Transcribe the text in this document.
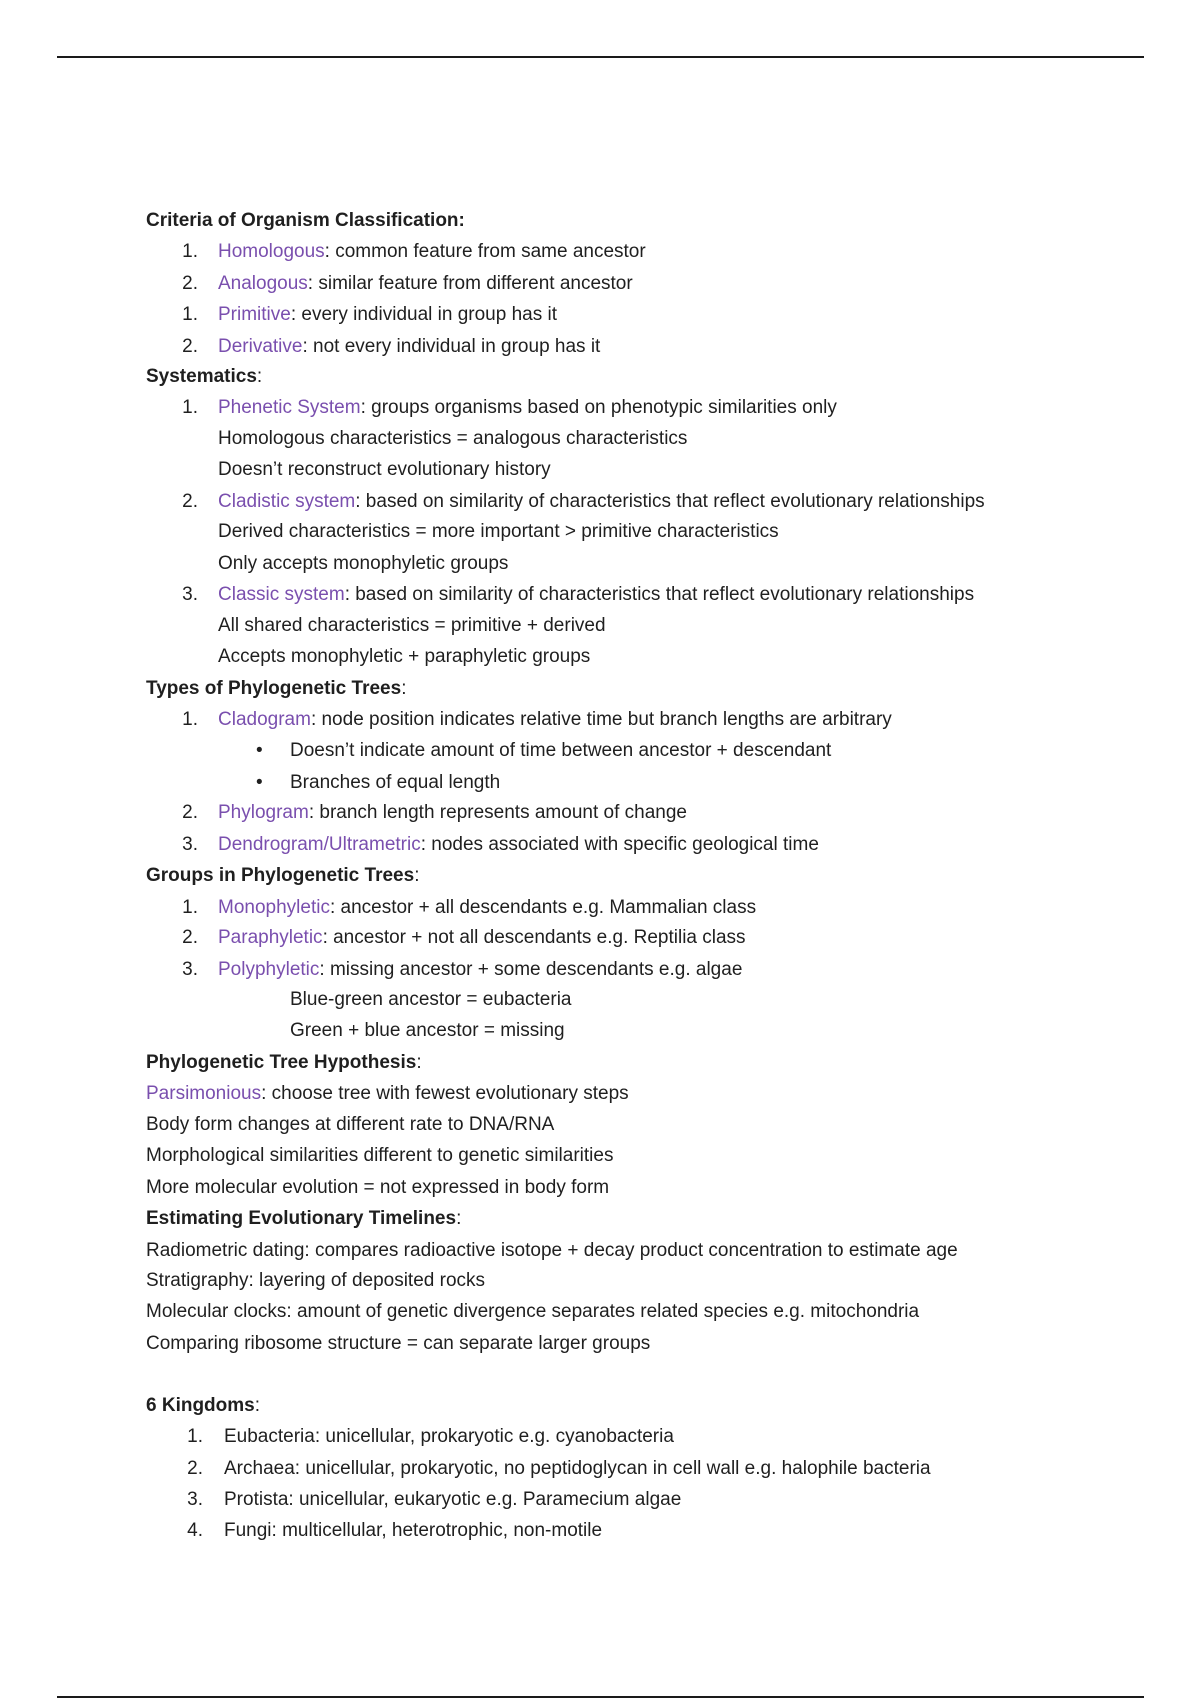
Criteria of Organism Classification:
1. Homologous: common feature from same ancestor
2. Analogous: similar feature from different ancestor
1. Primitive: every individual in group has it
2. Derivative: not every individual in group has it
Systematics:
1. Phenetic System: groups organisms based on phenotypic similarities only
Homologous characteristics = analogous characteristics
Doesn’t reconstruct evolutionary history
2. Cladistic system: based on similarity of characteristics that reflect evolutionary relationships
Derived characteristics = more important > primitive characteristics
Only accepts monophyletic groups
3. Classic system: based on similarity of characteristics that reflect evolutionary relationships
All shared characteristics = primitive + derived
Accepts monophyletic + paraphyletic groups
Types of Phylogenetic Trees:
1. Cladogram: node position indicates relative time but branch lengths are arbitrary
• Doesn’t indicate amount of time between ancestor + descendant
• Branches of equal length
2. Phylogram: branch length represents amount of change
3. Dendrogram/Ultrametric: nodes associated with specific geological time
Groups in Phylogenetic Trees:
1. Monophyletic: ancestor + all descendants e.g. Mammalian class
2. Paraphyletic: ancestor + not all descendants e.g. Reptilia class
3. Polyphyletic: missing ancestor + some descendants e.g. algae
Blue-green ancestor = eubacteria
Green + blue ancestor = missing
Phylogenetic Tree Hypothesis:
Parsimonious: choose tree with fewest evolutionary steps
Body form changes at different rate to DNA/RNA
Morphological similarities different to genetic similarities
More molecular evolution = not expressed in body form
Estimating Evolutionary Timelines:
Radiometric dating: compares radioactive isotope + decay product concentration to estimate age
Stratigraphy: layering of deposited rocks
Molecular clocks: amount of genetic divergence separates related species e.g. mitochondria
Comparing ribosome structure = can separate larger groups
6 Kingdoms:
1. Eubacteria: unicellular, prokaryotic e.g. cyanobacteria
2. Archaea: unicellular, prokaryotic, no peptidoglycan in cell wall e.g. halophile bacteria
3. Protista: unicellular, eukaryotic e.g. Paramecium algae
4. Fungi: multicellular, heterotrophic, non-motile
